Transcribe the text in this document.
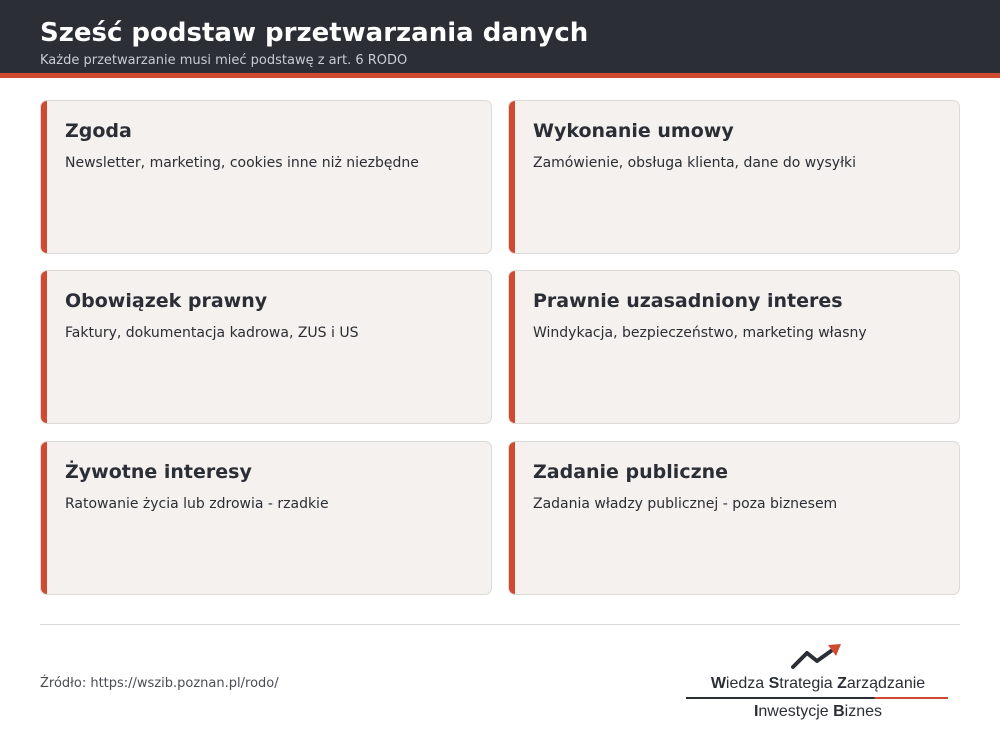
Sześć podstaw przetwarzania danych
Każde przetwarzanie musi mieć podstawę z art. 6 RODO
Zgoda
Newsletter, marketing, cookies inne niż niezbędne
Wykonanie umowy
Zamówienie, obsługa klienta, dane do wysyłki
Obowiązek prawny
Faktury, dokumentacja kadrowa, ZUS i US
Prawnie uzasadniony interes
Windykacja, bezpieczeństwo, marketing własny
Żywotne interesy
Ratowanie życia lub zdrowia - rzadkie
Zadanie publiczne
Zadania władzy publicznej - poza biznesem
Źródło: https://wszib.poznan.pl/rodo/	Wiedza Strategia Zarządzanie
Inwestycje Biznes
